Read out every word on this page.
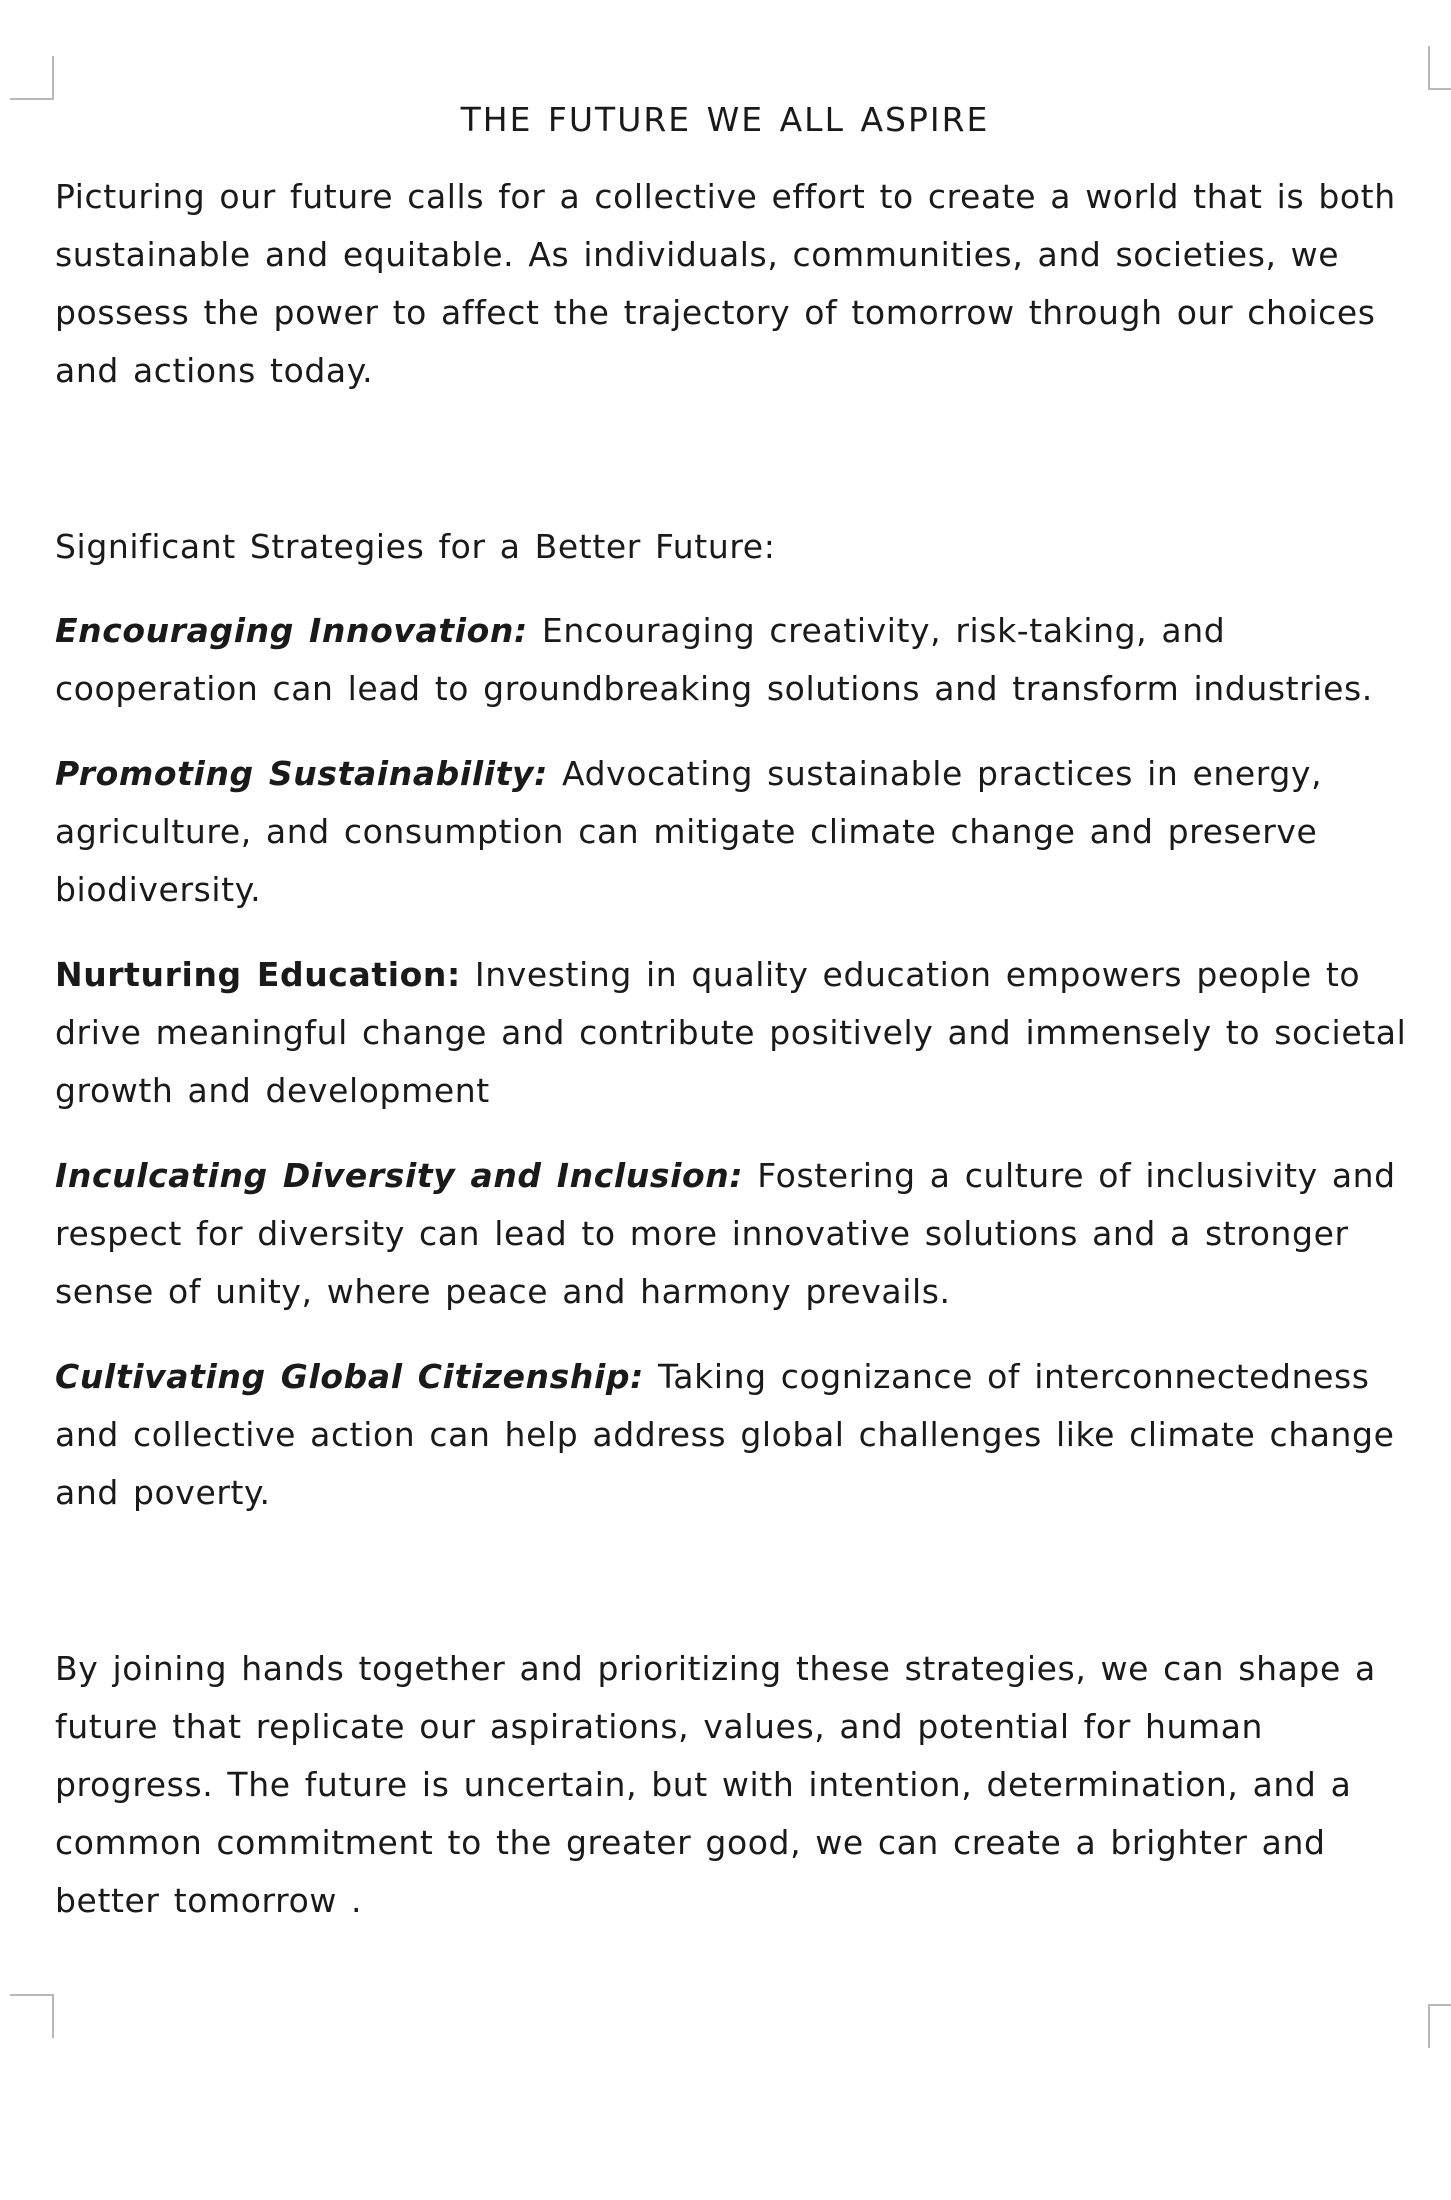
THE FUTURE WE ALL ASPIRE

Picturing our future calls for a collective effort to create a world that is both sustainable and equitable. As individuals, communities, and societies, we possess the power to affect the trajectory of tomorrow through our choices and actions today.

Significant Strategies for a Better Future:

Encouraging Innovation: Encouraging creativity, risk-taking, and cooperation can lead to groundbreaking solutions and transform industries.

Promoting Sustainability: Advocating sustainable practices in energy, agriculture, and consumption can mitigate climate change and preserve biodiversity.

Nurturing Education: Investing in quality education empowers people to drive meaningful change and contribute positively and immensely to societal growth and development

Inculcating Diversity and Inclusion: Fostering a culture of inclusivity and respect for diversity can lead to more innovative solutions and a stronger sense of unity, where peace and harmony prevails.

Cultivating Global Citizenship: Taking cognizance of interconnectedness and collective action can help address global challenges like climate change and poverty.

By joining hands together and prioritizing these strategies, we can shape a future that replicate our aspirations, values, and potential for human progress. The future is uncertain, but with intention, determination, and a common commitment to the greater good, we can create a brighter and better tomorrow .
